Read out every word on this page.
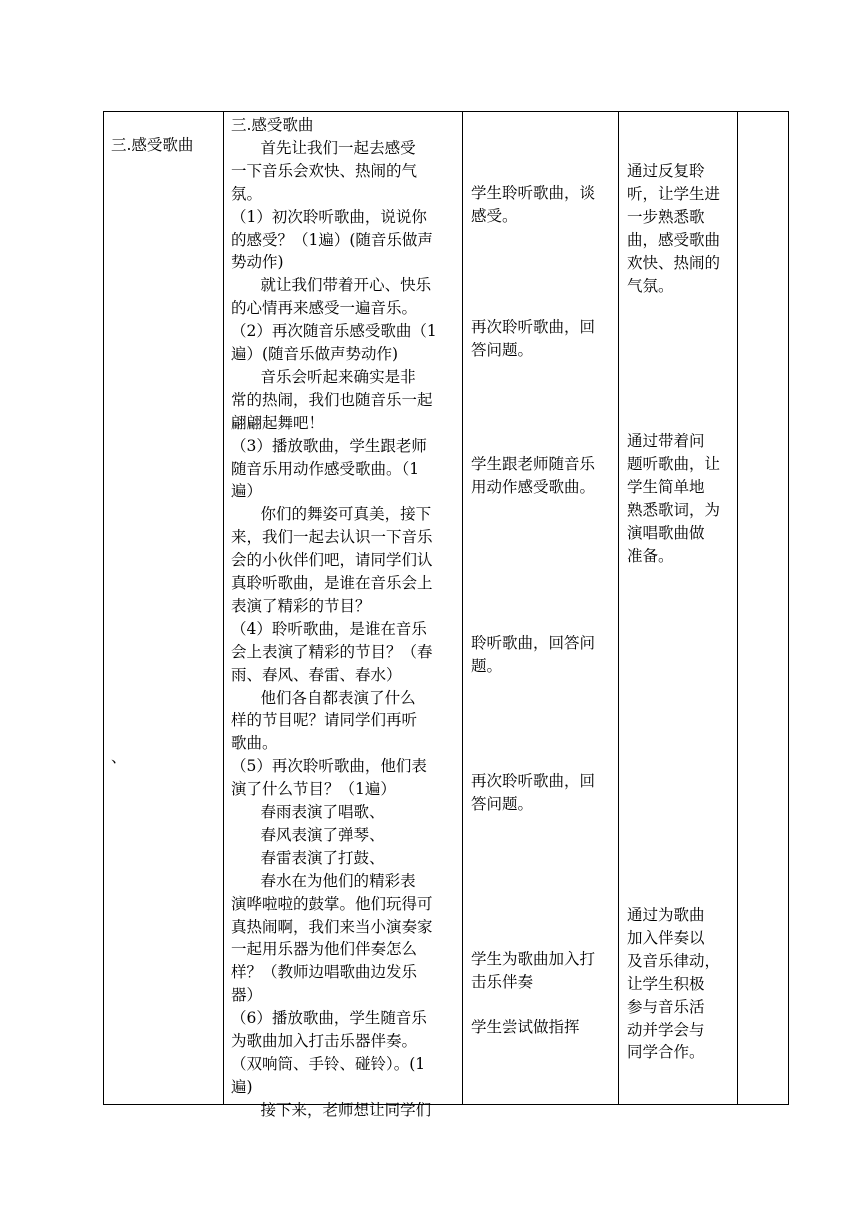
三.感受歌曲
、
三.感受歌曲
首先让我们一起去感受
一下音乐会欢快、热闹的气
氛。
（1）初次聆听歌曲，说说你
的感受？（1遍）(随音乐做声
势动作)
就让我们带着开心、快乐
的心情再来感受一遍音乐。
（2）再次随音乐感受歌曲（1
遍）(随音乐做声势动作)
音乐会听起来确实是非
常的热闹，我们也随音乐一起
翩翩起舞吧！
（3）播放歌曲，学生跟老师
随音乐用动作感受歌曲。（1
遍）
你们的舞姿可真美，接下
来，我们一起去认识一下音乐
会的小伙伴们吧，请同学们认
真聆听歌曲，是谁在音乐会上
表演了精彩的节目？
（4）聆听歌曲，是谁在音乐
会上表演了精彩的节目？（春
雨、春风、春雷、春水）
他们各自都表演了什么
样的节目呢？请同学们再听
歌曲。
（5）再次聆听歌曲，他们表
演了什么节目？（1遍）
春雨表演了唱歌、
春风表演了弹琴、
春雷表演了打鼓、
春水在为他们的精彩表
演哗啦啦的鼓掌。他们玩得可
真热闹啊，我们来当小演奏家
一起用乐器为他们伴奏怎么
样？（教师边唱歌曲边发乐
器）
（6）播放歌曲，学生随音乐
为歌曲加入打击乐器伴奏。
（双响筒、手铃、碰铃）。(1
遍)
接下来，老师想让同学们
学生聆听歌曲，谈
感受。
再次聆听歌曲，回
答问题。
学生跟老师随音乐
用动作感受歌曲。
聆听歌曲，回答问
题。
再次聆听歌曲，回
答问题。
学生为歌曲加入打
击乐伴奏
学生尝试做指挥
通过反复聆
听，让学生进
一步熟悉歌
曲，感受歌曲
欢快、热闹的
气氛。
通过带着问
题听歌曲，让
学生简单地
熟悉歌词，为
演唱歌曲做
准备。
通过为歌曲
加入伴奏以
及音乐律动，
让学生积极
参与音乐活
动并学会与
同学合作。
